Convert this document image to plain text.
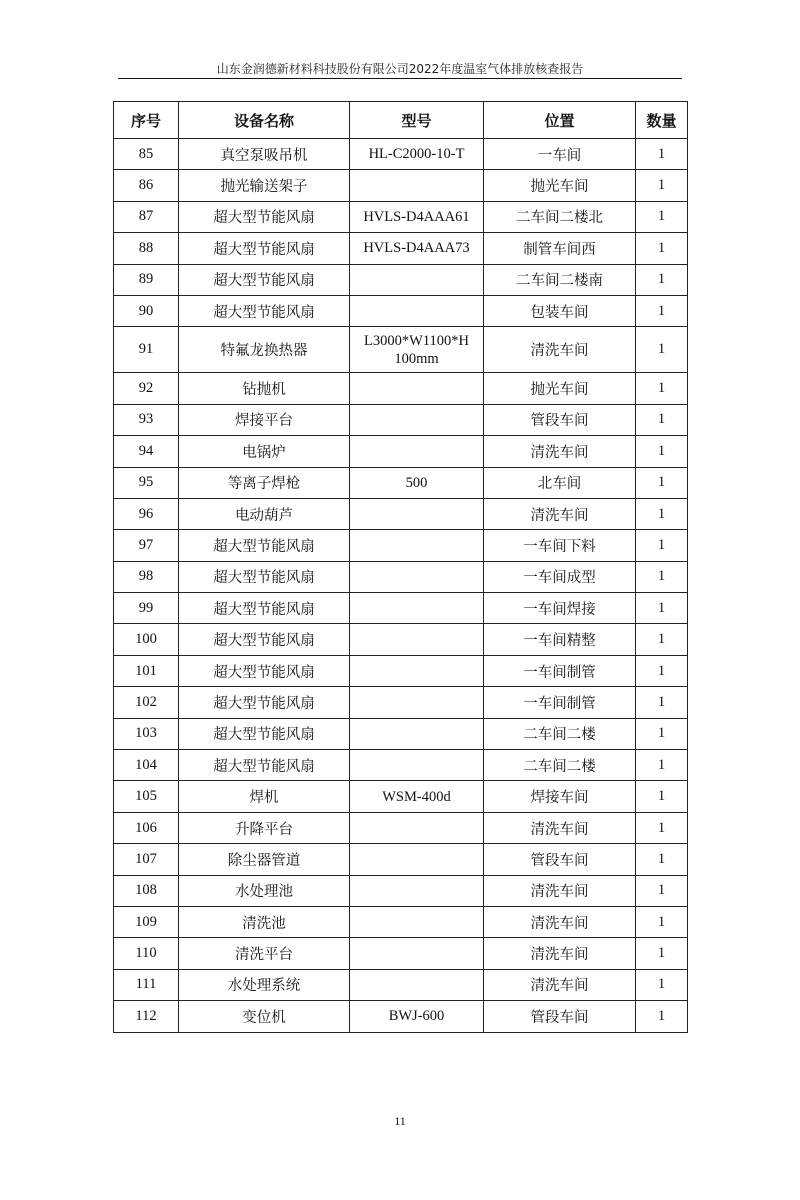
山东金润德新材料科技股份有限公司2022年度温室气体排放核查报告
序号	设备名称	型号	位置	数量
85	真空泵吸吊机	HL-C2000-10-T	一车间	1
86	抛光输送架子		抛光车间	1
87	超大型节能风扇	HVLS-D4AAA61	二车间二楼北	1
88	超大型节能风扇	HVLS-D4AAA73	制管车间西	1
89	超大型节能风扇		二车间二楼南	1
90	超大型节能风扇		包装车间	1
91	特氟龙换热器	L3000*W1100*H 100mm	清洗车间	1
92	钻抛机		抛光车间	1
93	焊接平台		管段车间	1
94	电锅炉		清洗车间	1
95	等离子焊枪	500	北车间	1
96	电动葫芦		清洗车间	1
97	超大型节能风扇		一车间下料	1
98	超大型节能风扇		一车间成型	1
99	超大型节能风扇		一车间焊接	1
100	超大型节能风扇		一车间精整	1
101	超大型节能风扇		一车间制管	1
102	超大型节能风扇		一车间制管	1
103	超大型节能风扇		二车间二楼	1
104	超大型节能风扇		二车间二楼	1
105	焊机	WSM-400d	焊接车间	1
106	升降平台		清洗车间	1
107	除尘器管道		管段车间	1
108	水处理池		清洗车间	1
109	清洗池		清洗车间	1
110	清洗平台		清洗车间	1
111	水处理系统		清洗车间	1
112	变位机	BWJ-600	管段车间	1
11
